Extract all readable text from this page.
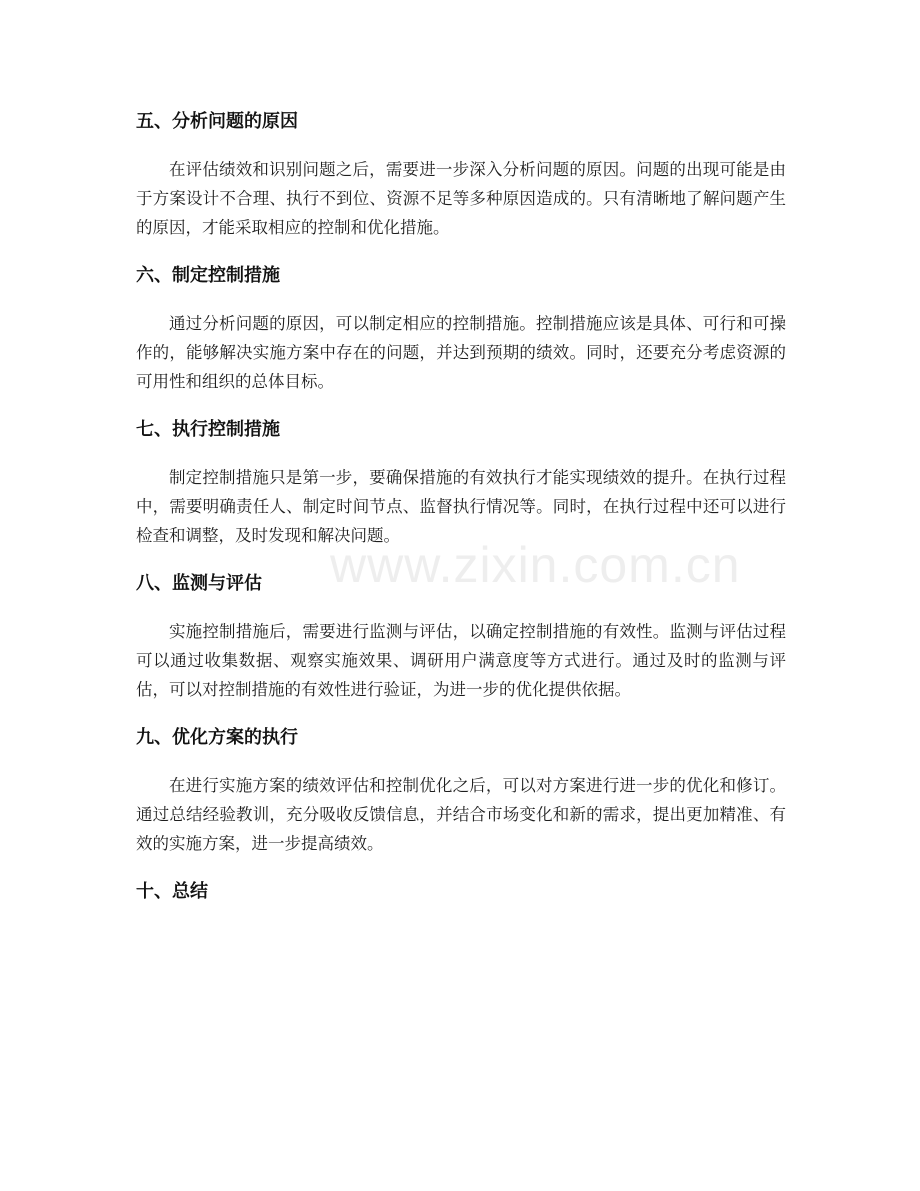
五、分析问题的原因

在评估绩效和识别问题之后，需要进一步深入分析问题的原因。问题的出现可能是由于方案设计不合理、执行不到位、资源不足等多种原因造成的。只有清晰地了解问题产生的原因，才能采取相应的控制和优化措施。

六、制定控制措施

通过分析问题的原因，可以制定相应的控制措施。控制措施应该是具体、可行和可操作的，能够解决实施方案中存在的问题，并达到预期的绩效。同时，还要充分考虑资源的可用性和组织的总体目标。

七、执行控制措施

制定控制措施只是第一步，要确保措施的有效执行才能实现绩效的提升。在执行过程中，需要明确责任人、制定时间节点、监督执行情况等。同时，在执行过程中还可以进行检查和调整，及时发现和解决问题。

八、监测与评估

实施控制措施后，需要进行监测与评估，以确定控制措施的有效性。监测与评估过程可以通过收集数据、观察实施效果、调研用户满意度等方式进行。通过及时的监测与评估，可以对控制措施的有效性进行验证，为进一步的优化提供依据。

九、优化方案的执行

在进行实施方案的绩效评估和控制优化之后，可以对方案进行进一步的优化和修订。通过总结经验教训，充分吸收反馈信息，并结合市场变化和新的需求，提出更加精准、有效的实施方案，进一步提高绩效。

十、总结
www.zixin.com.cn
